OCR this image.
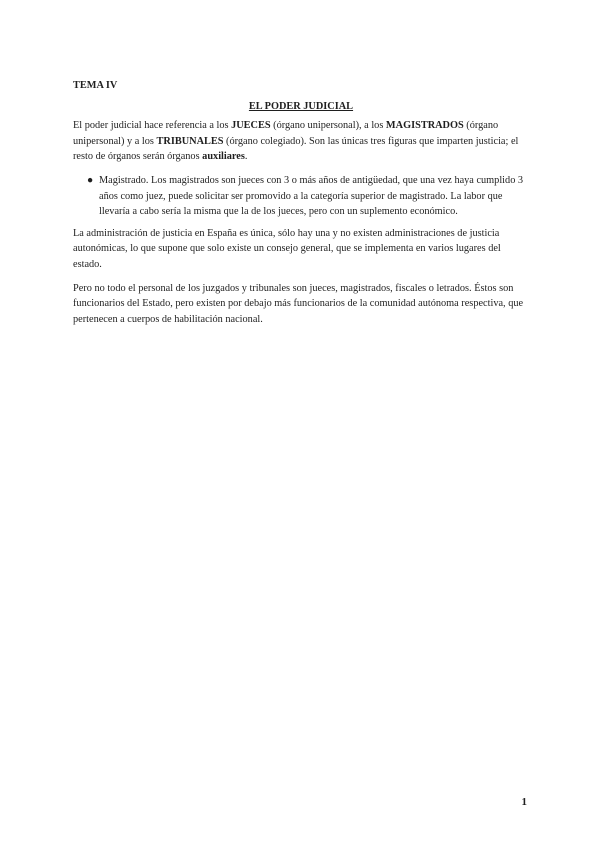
TEMA IV
EL PODER JUDICIAL

El poder judicial hace referencia a los JUECES (órgano unipersonal), a los MAGISTRADOS (órgano unipersonal) y a los TRIBUNALES (órgano colegiado). Son las únicas tres figuras que imparten justicia; el resto de órganos serán órganos auxiliares.

● Magistrado. Los magistrados son jueces con 3 o más años de antigüedad, que una vez haya cumplido 3 años como juez, puede solicitar ser promovido a la categoría superior de magistrado. La labor que llevaría a cabo sería la misma que la de los jueces, pero con un suplemento económico.

La administración de justicia en España es única, sólo hay una y no existen administraciones de justicia autonómicas, lo que supone que solo existe un consejo general, que se implementa en varios lugares del estado.

Pero no todo el personal de los juzgados y tribunales son jueces, magistrados, fiscales o letrados. Éstos son funcionarios del Estado, pero existen por debajo más funcionarios de la comunidad autónoma respectiva, que pertenecen a cuerpos de habilitación nacional.

1
